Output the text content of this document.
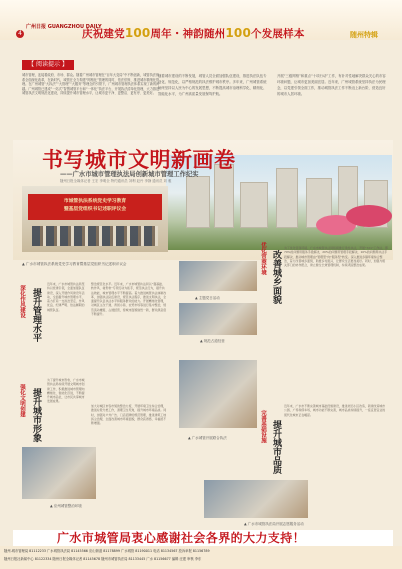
4
广州日报 GUANGZHOU DAILY
庆祝建党100周年・神韵随州100个发展样本	随州特辑
【 阅读提示 】
城市管理，连接着政府、市场、群众。随着广州城市管理在“百年大变局”中不断创新，城管执法体系全面深化改革，在新时代，城管在全力构建“网格化”管理的同时，依法依规、推进城市精细化管理。在广州城管“大执法”“大管理”“大服务”等理念的引领下，广州城市管理执法体系实现了新的跨越。广州城管已建成“一站式”智慧城管平台和“一体化”执法平台，开展执法清单化管理，大力推进城管执法文明规范化建设，持续提升城市管理水平，让城市更干净、更整洁、更有序、更美好。
随着城市建设的不断发展，城管人员全面加强队伍建设，推进执法队伍专业化、规范化，以严格规范的执法维护城市秩序。多年来，广州城管系统始终坚持以人民为中心的发展思想，不断提高城市治理科学化、精细化、智能化水平，为广州高质量发展保驾护航。
开展“三级网格”和重点“十项行动”工作，有针对性地解决群众关心的市容环境问题，让城市更加美丽宜居。近年来，广州城管系统坚持执法为民理念，以党建引领全面工作，推动城管执法工作不断迈上新台阶，营造良好的城市人居环境。
书写城市文明新画卷
——广水市城市管理执法局创新城市管理工作纪实
随州日报全媒体记者 王宏 李明全 特约通讯员 刘利 赵丹 李静 通讯员 刘 雅
市城管执法系统党史学习教育
暨基层党组织书记述职评议会
▲ 广水市城管执法系统党史学习教育暨基层党组织书记述职评议会
深化作风建设 提升管理水平
强化文明创建 提升城市形象
优化营商环境 改善城乡面貌
完善基础设施 提升城市品质
近年来，广水市城管执法局坚持以党建引领，全面加强队伍建设，深入开展作风建设年活动，全面提升城市管理水平，着力打造一支政治坚定、作风优良、纪律严明、依法履职的城管队伍。
整治规范化水平。近年来，广水市城管执法局以“强基础、转作风、树形象”专项行动为抓手，规范执法行为，提升执法效能，城市管理水平不断提高。着力推进城管执法体制改革，加强执法队伍建设，规范执法程序，推进文明执法，全面提升队伍执法水平和服务群众的能力。开展精细化管理，对城区主次干道、背街小巷、农贸市场等进行集中整治，规范流动摊贩、占道经营，使城市面貌焕然一新，群众满意度不断提升。
为了提升城市形象，广水市城管执法局持续开展文明城市创建工作，积极推进城市管理向精细化、智能化迈进，不断提升城市品位，让市民共享城市发展成果。
加大对城区市容市貌的整治力度，开展环境卫生综合治理，推进垃圾分类工作，清理卫生死角，提升城市环境品质。同时，加强对户外广告、门店招牌的规范管理，推进建筑工地扬尘治理，全面改善城市环境面貌，群众获得感、幸福感不断增强。
为了优化营商环境，广水市城管执法局积极推行柔性执法，开展“721”工作法，即70%的问题用服务手段解决，20%的问题用管理手段解决，10%的问题用执法手段解决，推动城市管理由“管理型”向“服务型”转变。深入推进乡镇环境综合整治，着力改善城乡面貌，助推乡村振兴，让群众生活更加美好。同时，加强与相关部门的协作配合，建立健全长效管理机制，持续巩固整治成果。
近年来，广水市不断完善城市基础设施建设，推进老旧小区改造，新建改造城市公园、广场和停车场，城市功能不断完善，城市品质持续提升，一座宜居宜业的现代化城市正在崛起。
▲ 主题党日活动
▲ 规范占道经营
▲ 广水城管开展联合执法
▲ 应州城管整治环境
▲ 广水市城管执法局开展志愿服务活动
广水市城管局衷心感谢社会各界的大力支持！
随州.城市管理局 81112233 广水城管执法局 81145566 应山街道 81178899 广水城管 81190011 电话 81134567 投诉举报 81156789
随州日报社新闻中心 81122334 随州日报全媒体记者 81145678 随州市城管执法局 81133445 广水 81156677 编辑 汪建 审核 李东
